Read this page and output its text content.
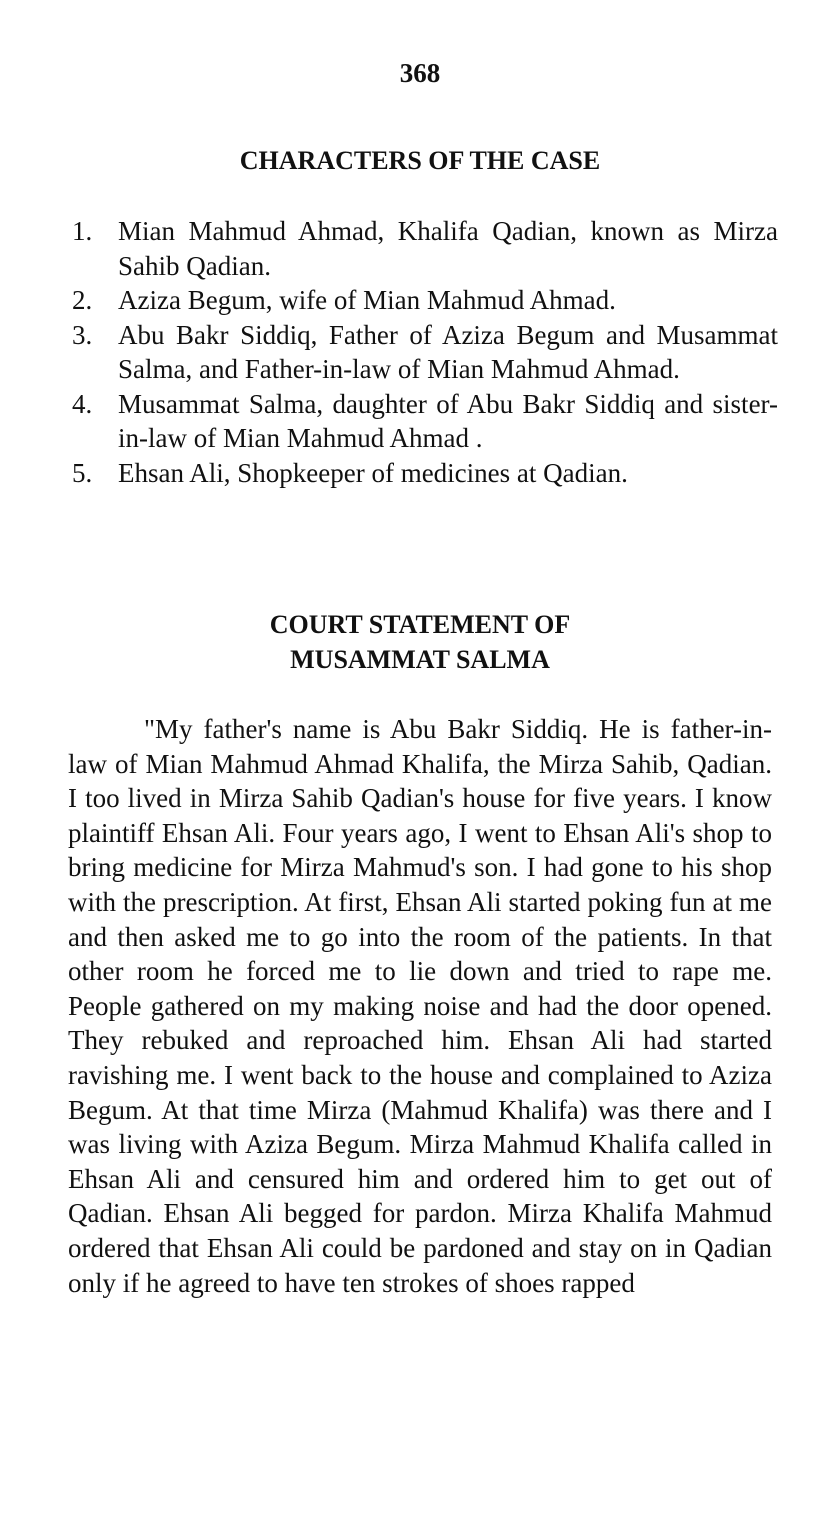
368
CHARACTERS OF THE CASE
1. Mian Mahmud Ahmad, Khalifa Qadian, known as Mirza Sahib Qadian.
2. Aziza Begum, wife of Mian Mahmud Ahmad.
3. Abu Bakr Siddiq, Father of Aziza Begum and Musammat Salma, and Father-in-law of Mian Mahmud Ahmad.
4. Musammat Salma, daughter of Abu Bakr Siddiq and sister-in-law of Mian Mahmud Ahmad .
5. Ehsan Ali, Shopkeeper of medicines at Qadian.
COURT STATEMENT OF
MUSAMMAT SALMA

"My father's name is Abu Bakr Siddiq. He is father-in-law of Mian Mahmud Ahmad Khalifa, the Mirza Sahib, Qadian. I too lived in Mirza Sahib Qadian's house for five years. I know plaintiff Ehsan Ali. Four years ago, I went to Ehsan Ali's shop to bring medicine for Mirza Mahmud's son. I had gone to his shop with the prescription. At first, Ehsan Ali started poking fun at me and then asked me to go into the room of the patients. In that other room he forced me to lie down and tried to rape me. People gathered on my making noise and had the door opened. They rebuked and reproached him. Ehsan Ali had started ravishing me. I went back to the house and complained to Aziza Begum. At that time Mirza (Mahmud Khalifa) was there and I was living with Aziza Begum. Mirza Mahmud Khalifa called in Ehsan Ali and censured him and ordered him to get out of Qadian. Ehsan Ali begged for pardon. Mirza Khalifa Mahmud ordered that Ehsan Ali could be pardoned and stay on in Qadian only if he agreed to have ten strokes of shoes rapped
